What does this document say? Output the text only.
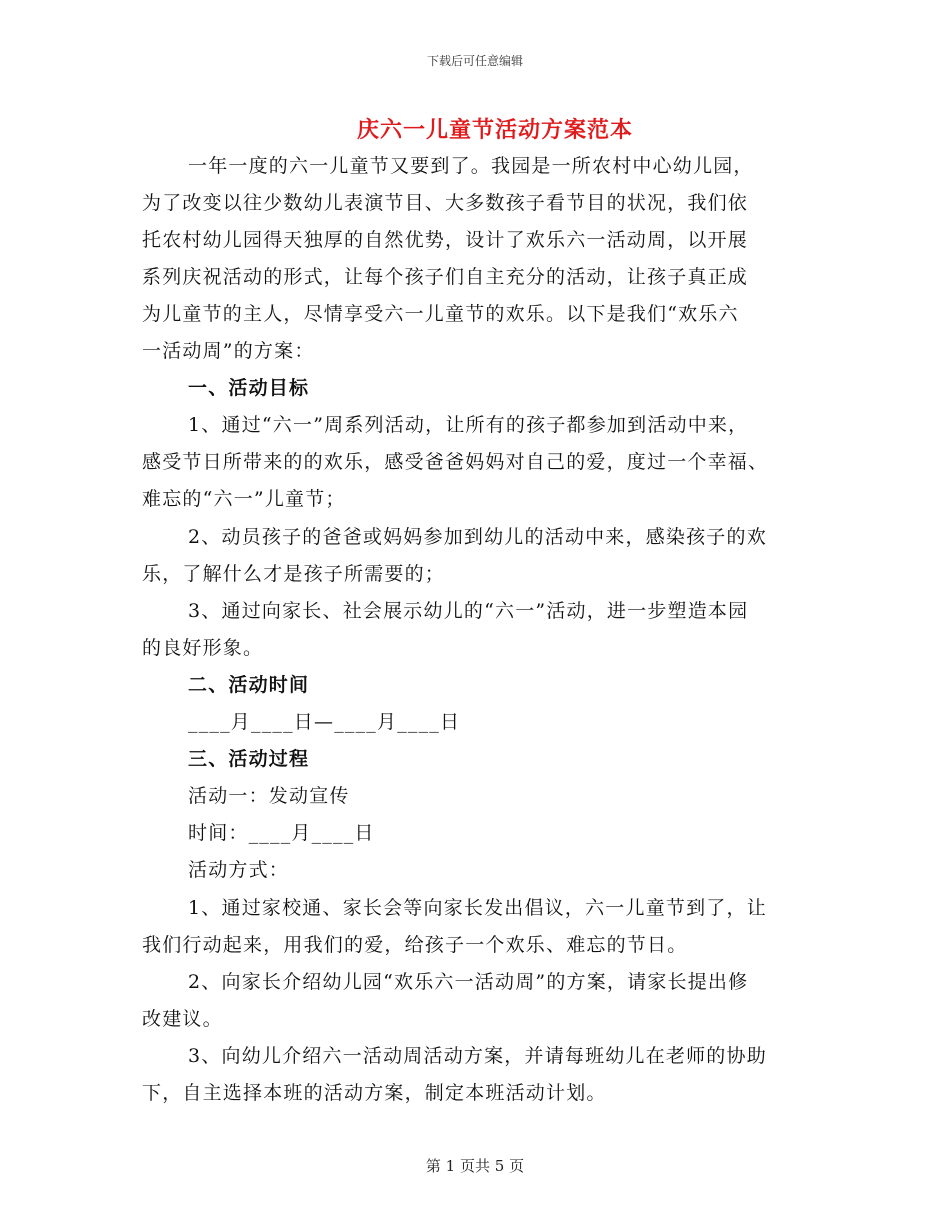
下载后可任意编辑
庆六一儿童节活动方案范本
一年一度的六一儿童节又要到了。我园是一所农村中心幼儿园，
为了改变以往少数幼儿表演节目、大多数孩子看节目的状况，我们依
托农村幼儿园得天独厚的自然优势，设计了欢乐六一活动周，以开展
系列庆祝活动的形式，让每个孩子们自主充分的活动，让孩子真正成
为儿童节的主人，尽情享受六一儿童节的欢乐。以下是我们“欢乐六
一活动周”的方案：
一、活动目标
1、通过“六一”周系列活动，让所有的孩子都参加到活动中来，
感受节日所带来的的欢乐，感受爸爸妈妈对自己的爱，度过一个幸福、
难忘的“六一”儿童节；
2、动员孩子的爸爸或妈妈参加到幼儿的活动中来，感染孩子的欢
乐，了解什么才是孩子所需要的；
3、通过向家长、社会展示幼儿的“六一”活动，进一步塑造本园
的良好形象。
二、活动时间
____月____日—____月____日
三、活动过程
活动一：发动宣传
时间：____月____日
活动方式：
1、通过家校通、家长会等向家长发出倡议，六一儿童节到了，让
我们行动起来，用我们的爱，给孩子一个欢乐、难忘的节日。
2、向家长介绍幼儿园“欢乐六一活动周”的方案，请家长提出修
改建议。
3、向幼儿介绍六一活动周活动方案，并请每班幼儿在老师的协助
下，自主选择本班的活动方案，制定本班活动计划。
第 1 页共 5 页
